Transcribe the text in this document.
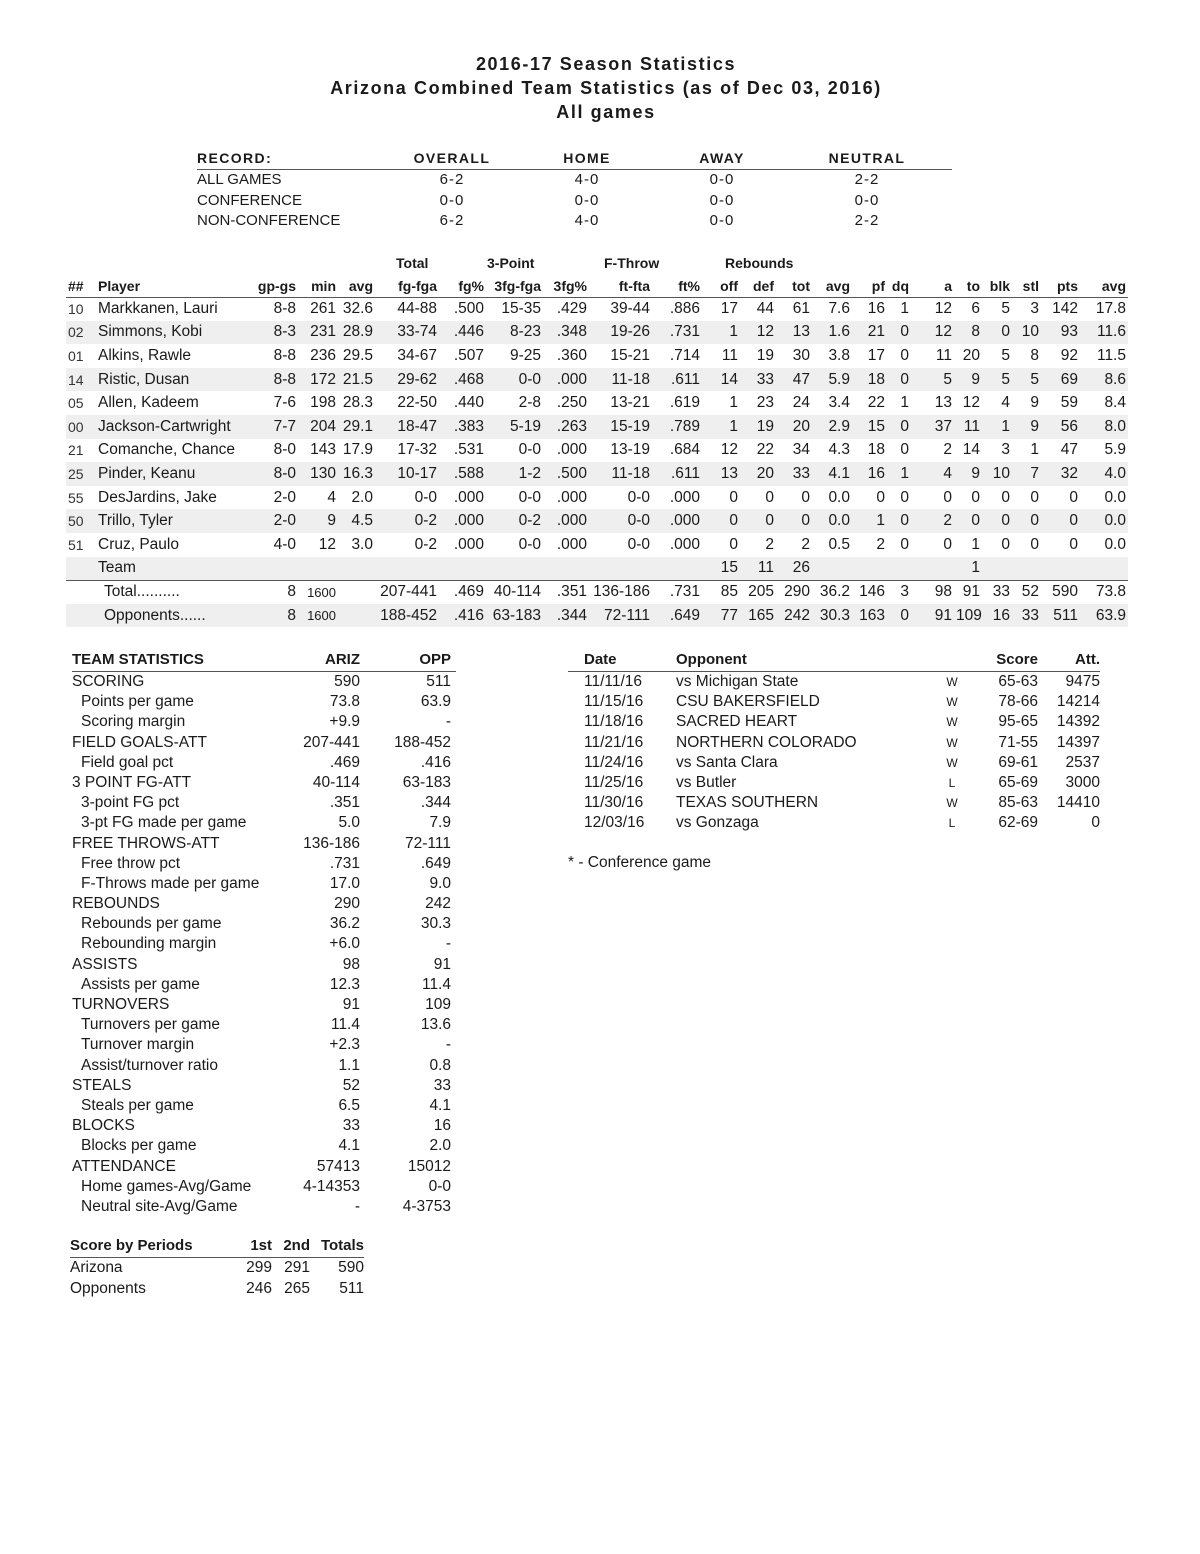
2016-17 Season Statistics
Arizona Combined Team Statistics (as of Dec 03, 2016)
All games
RECORD:	OVERALL	HOME	AWAY	NEUTRAL
ALL GAMES	6-2	4-0	0-0	2-2
CONFERENCE	0-0	0-0	0-0	0-0
NON-CONFERENCE	6-2	4-0	0-0	2-2
Total	3-Point	F-Throw	Rebounds
##	Player	gp-gs	min	avg	fg-fga	fg%	3fg-fga	3fg%	ft-fta	ft%	off	def	tot	avg	pf	dq	a	to	blk	stl	pts	avg
10	Markkanen, Lauri	8-8	261	32.6	44-88	.500	15-35	.429	39-44	.886	17	44	61	7.6	16	1	12	6	5	3	142	17.8
02	Simmons, Kobi	8-3	231	28.9	33-74	.446	8-23	.348	19-26	.731	1	12	13	1.6	21	0	12	8	0	10	93	11.6
01	Alkins, Rawle	8-8	236	29.5	34-67	.507	9-25	.360	15-21	.714	11	19	30	3.8	17	0	11	20	5	8	92	11.5
14	Ristic, Dusan	8-8	172	21.5	29-62	.468	0-0	.000	11-18	.611	14	33	47	5.9	18	0	5	9	5	5	69	8.6
05	Allen, Kadeem	7-6	198	28.3	22-50	.440	2-8	.250	13-21	.619	1	23	24	3.4	22	1	13	12	4	9	59	8.4
00	Jackson-Cartwright	7-7	204	29.1	18-47	.383	5-19	.263	15-19	.789	1	19	20	2.9	15	0	37	11	1	9	56	8.0
21	Comanche, Chance	8-0	143	17.9	17-32	.531	0-0	.000	13-19	.684	12	22	34	4.3	18	0	2	14	3	1	47	5.9
25	Pinder, Keanu	8-0	130	16.3	10-17	.588	1-2	.500	11-18	.611	13	20	33	4.1	16	1	4	9	10	7	32	4.0
55	DesJardins, Jake	2-0	4	2.0	0-0	.000	0-0	.000	0-0	.000	0	0	0	0.0	0	0	0	0	0	0	0	0.0
50	Trillo, Tyler	2-0	9	4.5	0-2	.000	0-2	.000	0-0	.000	0	0	0	0.0	1	0	2	0	0	0	0	0.0
51	Cruz, Paulo	4-0	12	3.0	0-2	.000	0-0	.000	0-0	.000	0	2	2	0.5	2	0	0	1	0	0	0	0.0
	Team										15	11	26					1				
	Total..........	8	1600		207-441	.469	40-114	.351	136-186	.731	85	205	290	36.2	146	3	98	91	33	52	590	73.8
	Opponents......	8	1600		188-452	.416	63-183	.344	72-111	.649	77	165	242	30.3	163	0	91	109	16	33	511	63.9
TEAM STATISTICS	ARIZ	OPP
SCORING	590	511
Points per game	73.8	63.9
Scoring margin	+9.9	-
FIELD GOALS-ATT	207-441	188-452
Field goal pct	.469	.416
3 POINT FG-ATT	40-114	63-183
3-point FG pct	.351	.344
3-pt FG made per game	5.0	7.9
FREE THROWS-ATT	136-186	72-111
Free throw pct	.731	.649
F-Throws made per game	17.0	9.0
REBOUNDS	290	242
Rebounds per game	36.2	30.3
Rebounding margin	+6.0	-
ASSISTS	98	91
Assists per game	12.3	11.4
TURNOVERS	91	109
Turnovers per game	11.4	13.6
Turnover margin	+2.3	-
Assist/turnover ratio	1.1	0.8
STEALS	52	33
Steals per game	6.5	4.1
BLOCKS	33	16
Blocks per game	4.1	2.0
ATTENDANCE	57413	15012
Home games-Avg/Game	4-14353	0-0
Neutral site-Avg/Game	-	4-3753
Score by Periods	1st 2nd Totals
Arizona	299 291	590
Opponents	246 265	511
Date	Opponent	Score	Att.
11/11/16	vs Michigan State	W	65-63	9475
11/15/16	CSU BAKERSFIELD	W	78-66	14214
11/18/16	SACRED HEART	W	95-65	14392
11/21/16	NORTHERN COLORADO	W	71-55	14397
11/24/16	vs Santa Clara	W	69-61	2537
11/25/16	vs Butler	L	65-69	3000
11/30/16	TEXAS SOUTHERN	W	85-63	14410
12/03/16	vs Gonzaga	L	62-69	0
* - Conference game
